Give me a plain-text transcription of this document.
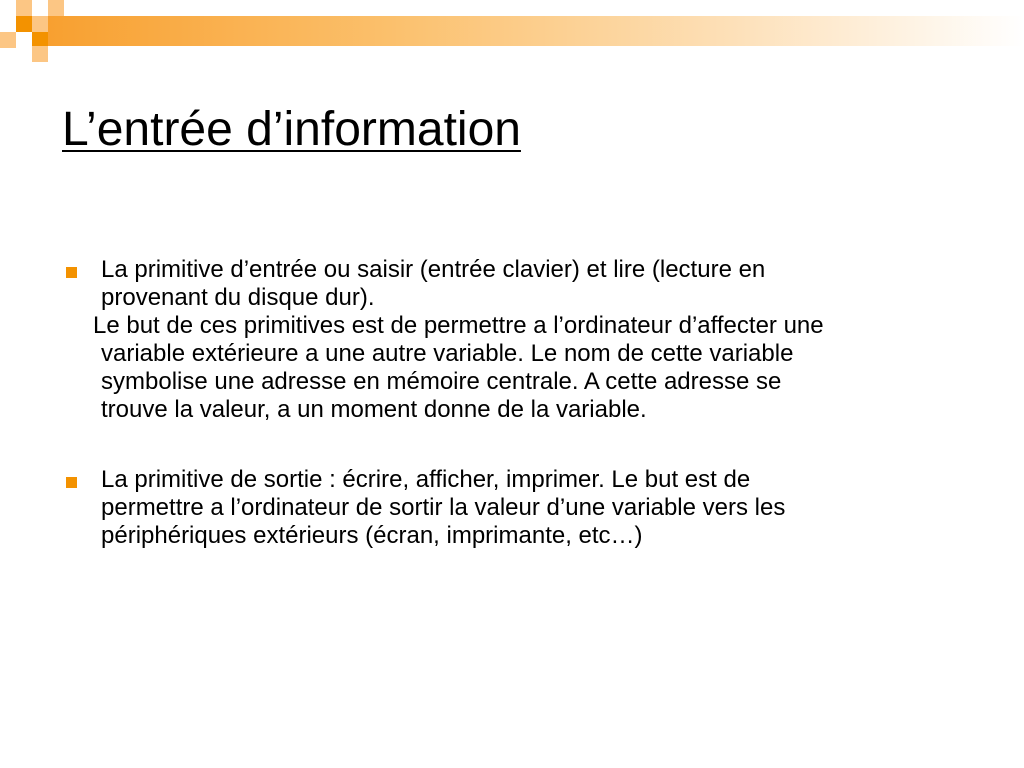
L’entrée d’information
La primitive d’entrée ou saisir (entrée clavier) et lire (lecture en
provenant du disque dur).
Le but de ces primitives est de permettre a l’ordinateur d’affecter une
variable extérieure a une autre variable. Le nom de cette variable
symbolise une adresse en mémoire centrale. A cette adresse se
trouve la valeur, a un moment donne de la variable.
La primitive de sortie : écrire, afficher, imprimer. Le but est de
permettre a l’ordinateur de sortir la valeur d’une variable vers les
périphériques extérieurs (écran, imprimante, etc…)
